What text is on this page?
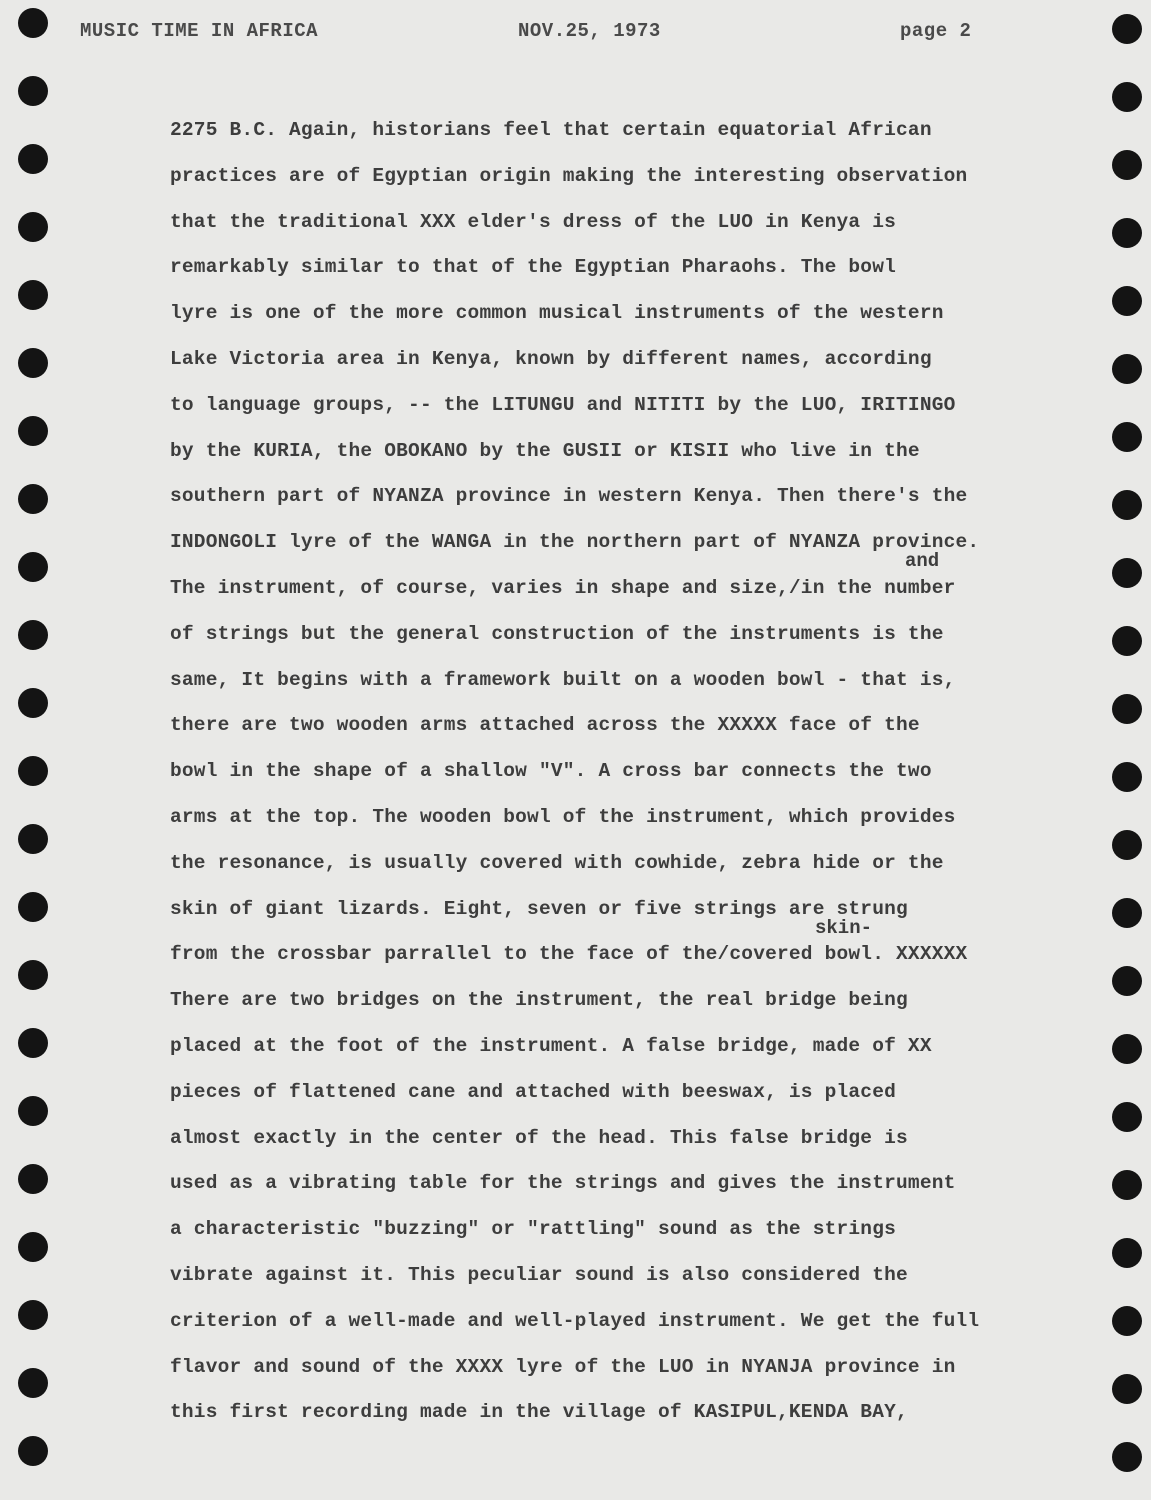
MUSIC TIME IN AFRICA	NOV.25, 1973	page 2
2275 B.C. Again, historians feel that certain equatorial African
practices are of Egyptian origin making the interesting observation
that the traditional XXX elder's dress of the LUO in Kenya is
remarkably similar to that of the Egyptian Pharaohs. The bowl
lyre is one of the more common musical instruments of the western
Lake Victoria area in Kenya, known by different names, according
to language groups, -- the LITUNGU and NITITI by the LUO, IRITINGO
by the KURIA, the OBOKANO by the GUSII or KISII who live in the
southern part of NYANZA province in western Kenya. Then there's the
INDONGOLI lyre of the WANGA in the northern part of NYANZA province.
The instrument, of course, varies in shape and size,/in the number
of strings but the general construction of the instruments is the
same, It begins with a framework built on a wooden bowl - that is,
there are two wooden arms attached across the XXXXX face of the
bowl in the shape of a shallow "V". A cross bar connects the two
arms at the top. The wooden bowl of the instrument, which provides
the resonance, is usually covered with cowhide, zebra hide or the
skin of giant lizards. Eight, seven or five strings are strung
from the crossbar parrallel to the face of the/covered bowl. XXXXXX
There are two bridges on the instrument, the real bridge being
placed at the foot of the instrument. A false bridge, made of XX
pieces of flattened cane and attached with beeswax, is placed
almost exactly in the center of the head. This false bridge is
used as a vibrating table for the strings and gives the instrument
a characteristic "buzzing" or "rattling" sound as the strings
vibrate against it. This peculiar sound is also considered the
criterion of a well-made and well-played instrument. We get the full
flavor and sound of the XXXX lyre of the LUO in NYANJA province in
this first recording made in the village of KASIPUL,KENDA BAY,
and
skin-
